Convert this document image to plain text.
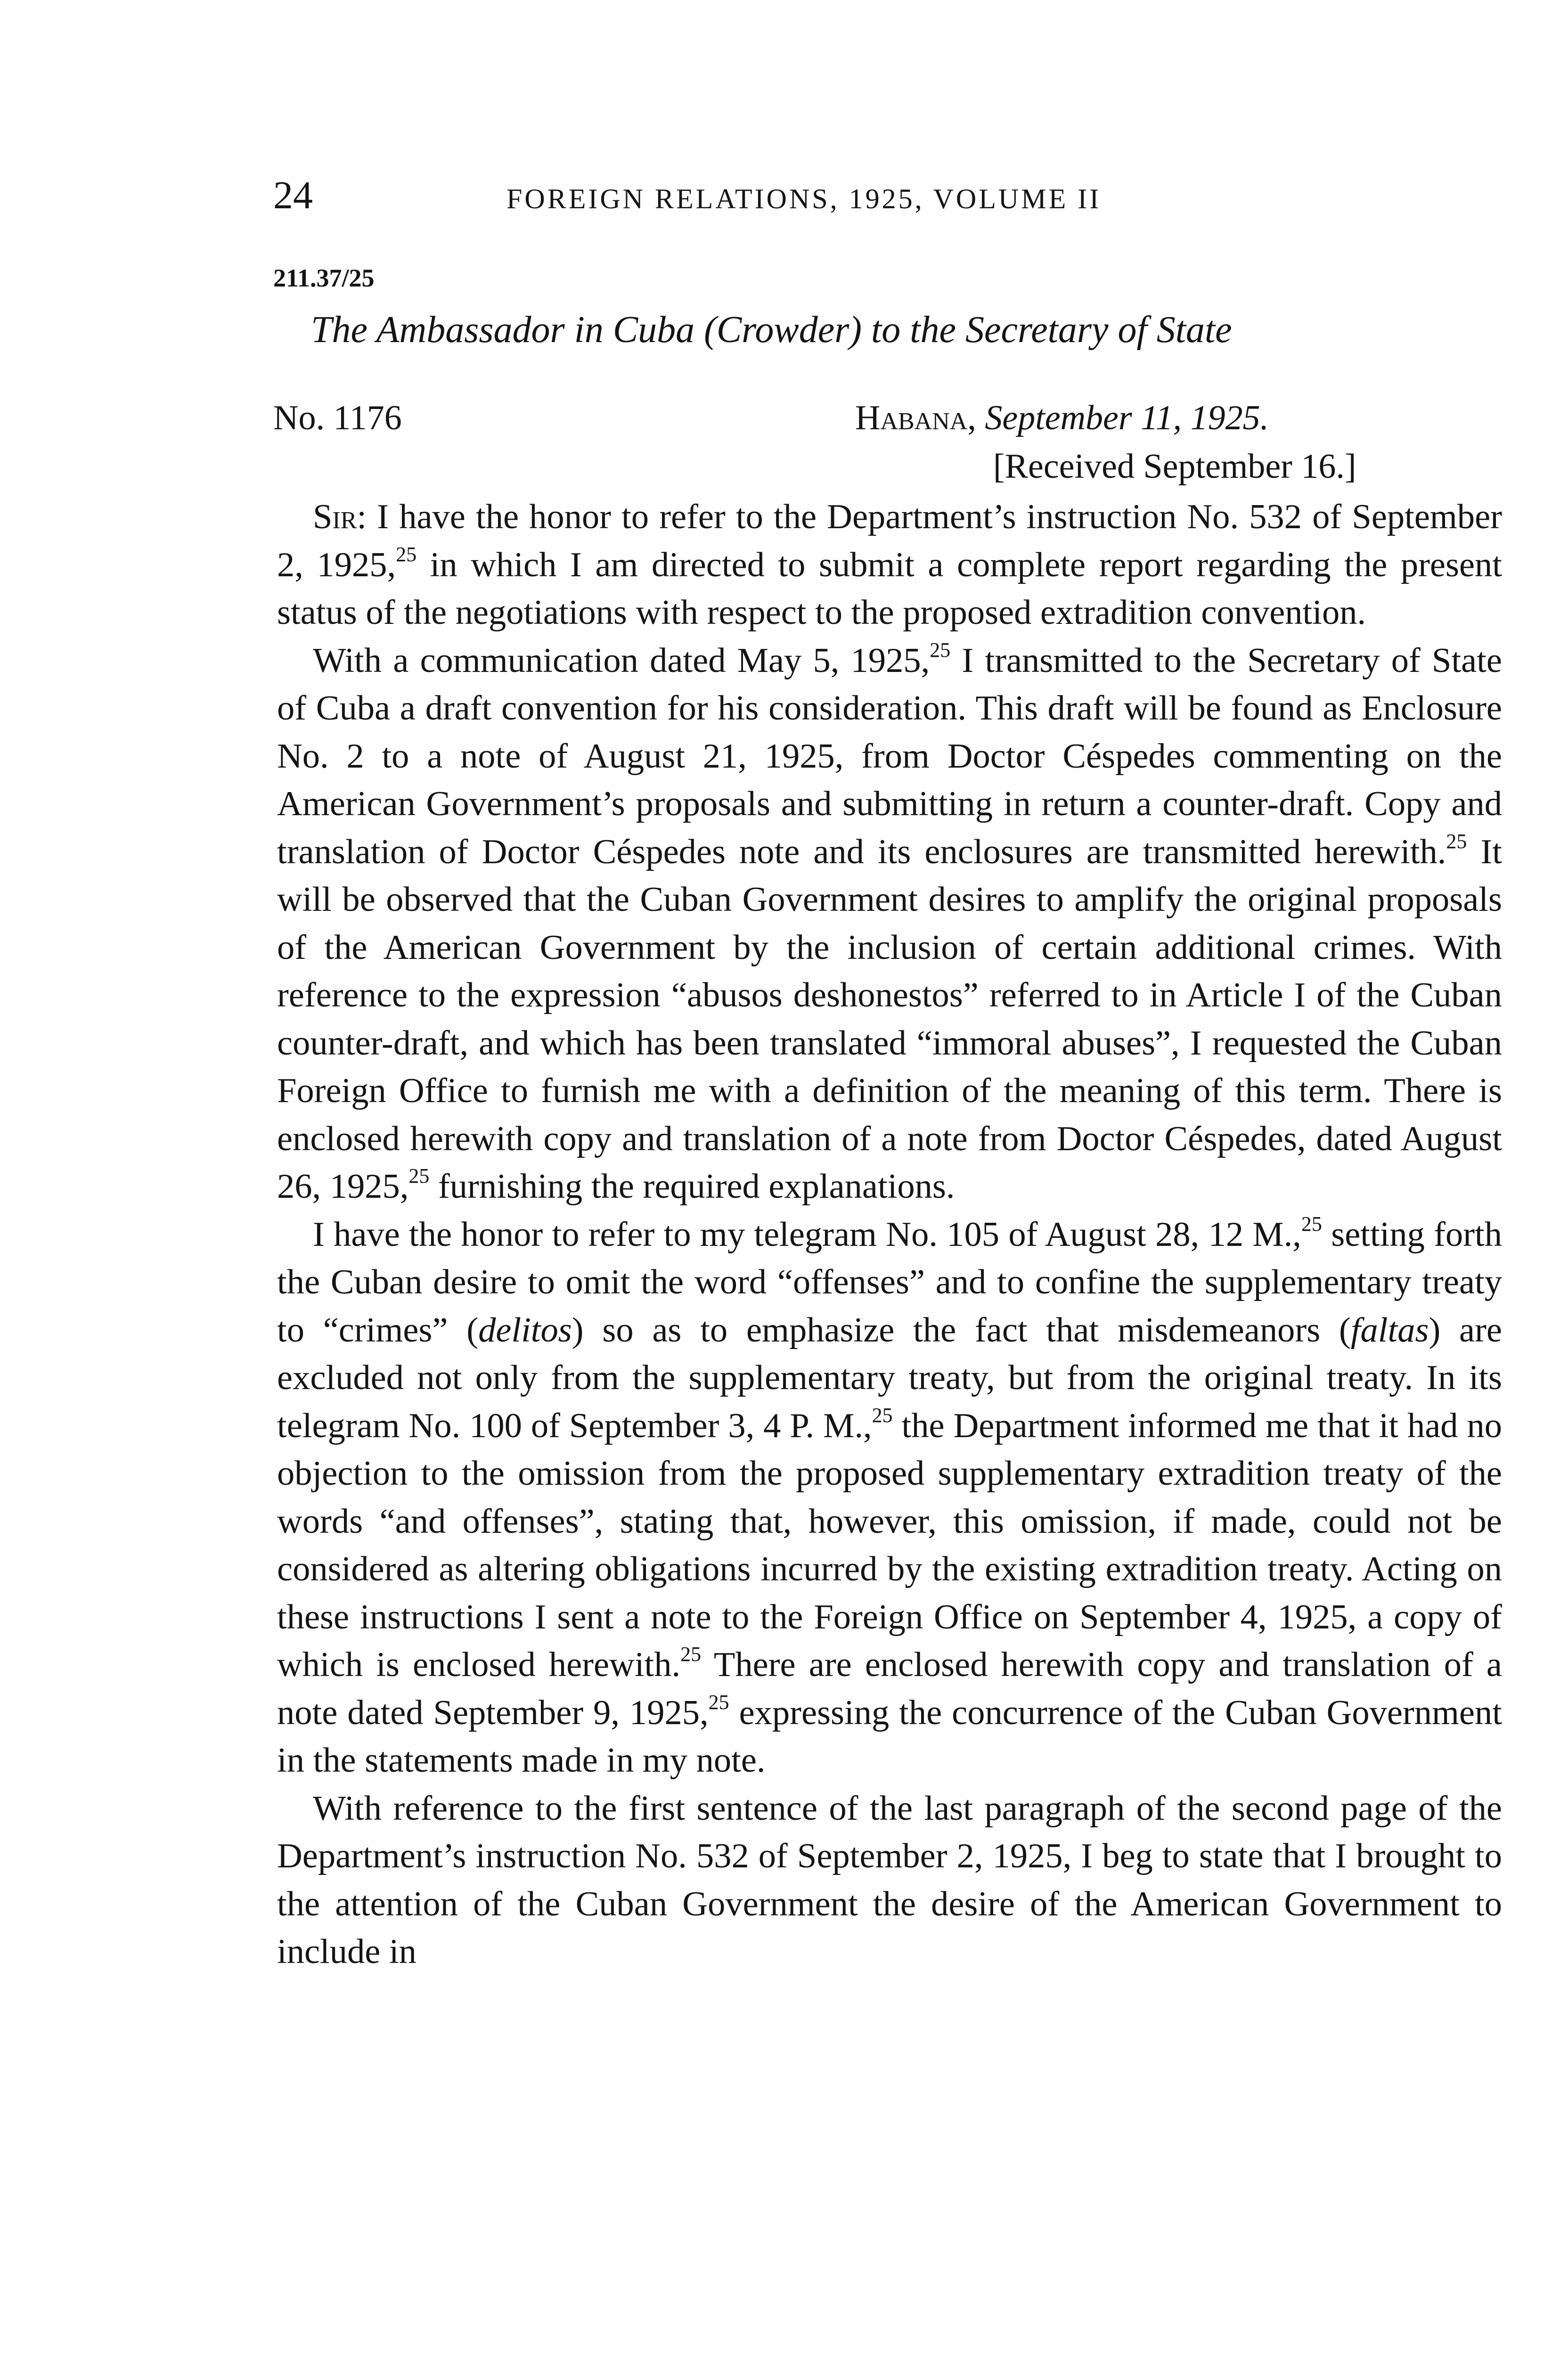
24	FOREIGN RELATIONS, 1925, VOLUME II
211.37/25
The Ambassador in Cuba (Crowder) to the Secretary of State
No. 1176	Habana, September 11, 1925.
[Received September 16.]

Sir: I have the honor to refer to the Department’s instruction No. 532 of September 2, 1925,25 in which I am directed to submit a complete report regarding the present status of the negotiations with respect to the proposed extradition convention.

With a communication dated May 5, 1925,25 I transmitted to the Secretary of State of Cuba a draft convention for his consideration. This draft will be found as Enclosure No. 2 to a note of August 21, 1925, from Doctor Céspedes commenting on the American Government’s proposals and submitting in return a counter-draft. Copy and translation of Doctor Céspedes note and its enclosures are transmitted herewith.$^{25}$ It will be observed that the Cuban Government desires to amplify the original proposals of the American Government by the inclusion of certain additional crimes. With reference to the expression “abusos deshonestos” referred to in Article I of the Cuban counter-draft, and which has been translated “immoral abuses”, I requested the Cuban Foreign Office to furnish me with a definition of the meaning of this term. There is enclosed herewith copy and translation of a note from Doctor Céspedes, dated August 26, 1925,25 furnishing the required explanations.

I have the honor to refer to my telegram No. 105 of August 28, 12 M.,$^{25}$ setting forth the Cuban desire to omit the word “offenses” and to confine the supplementary treaty to “crimes” (delitos) so as to emphasize the fact that misdemeanors (faltas) are excluded not only from the supplementary treaty, but from the original treaty. In its telegram No. 100 of September 3, 4 P. M.,$^{25}$ the Department informed me that it had no objection to the omission from the proposed supplementary extradition treaty of the words “and offenses”, stating that, however, this omission, if made, could not be considered as altering obligations incurred by the existing extradition treaty. Acting on these instructions I sent a note to the Foreign Office on September 4, 1925, a copy of which is enclosed herewith.$^{25}$ There are enclosed herewith copy and translation of a note dated September 9, 1925,25 expressing the concurrence of the Cuban Government in the statements made in my note.

With reference to the first sentence of the last paragraph of the second page of the Department’s instruction No. 532 of September 2, 1925, I beg to state that I brought to the attention of the Cuban Government the desire of the American Government to include in
